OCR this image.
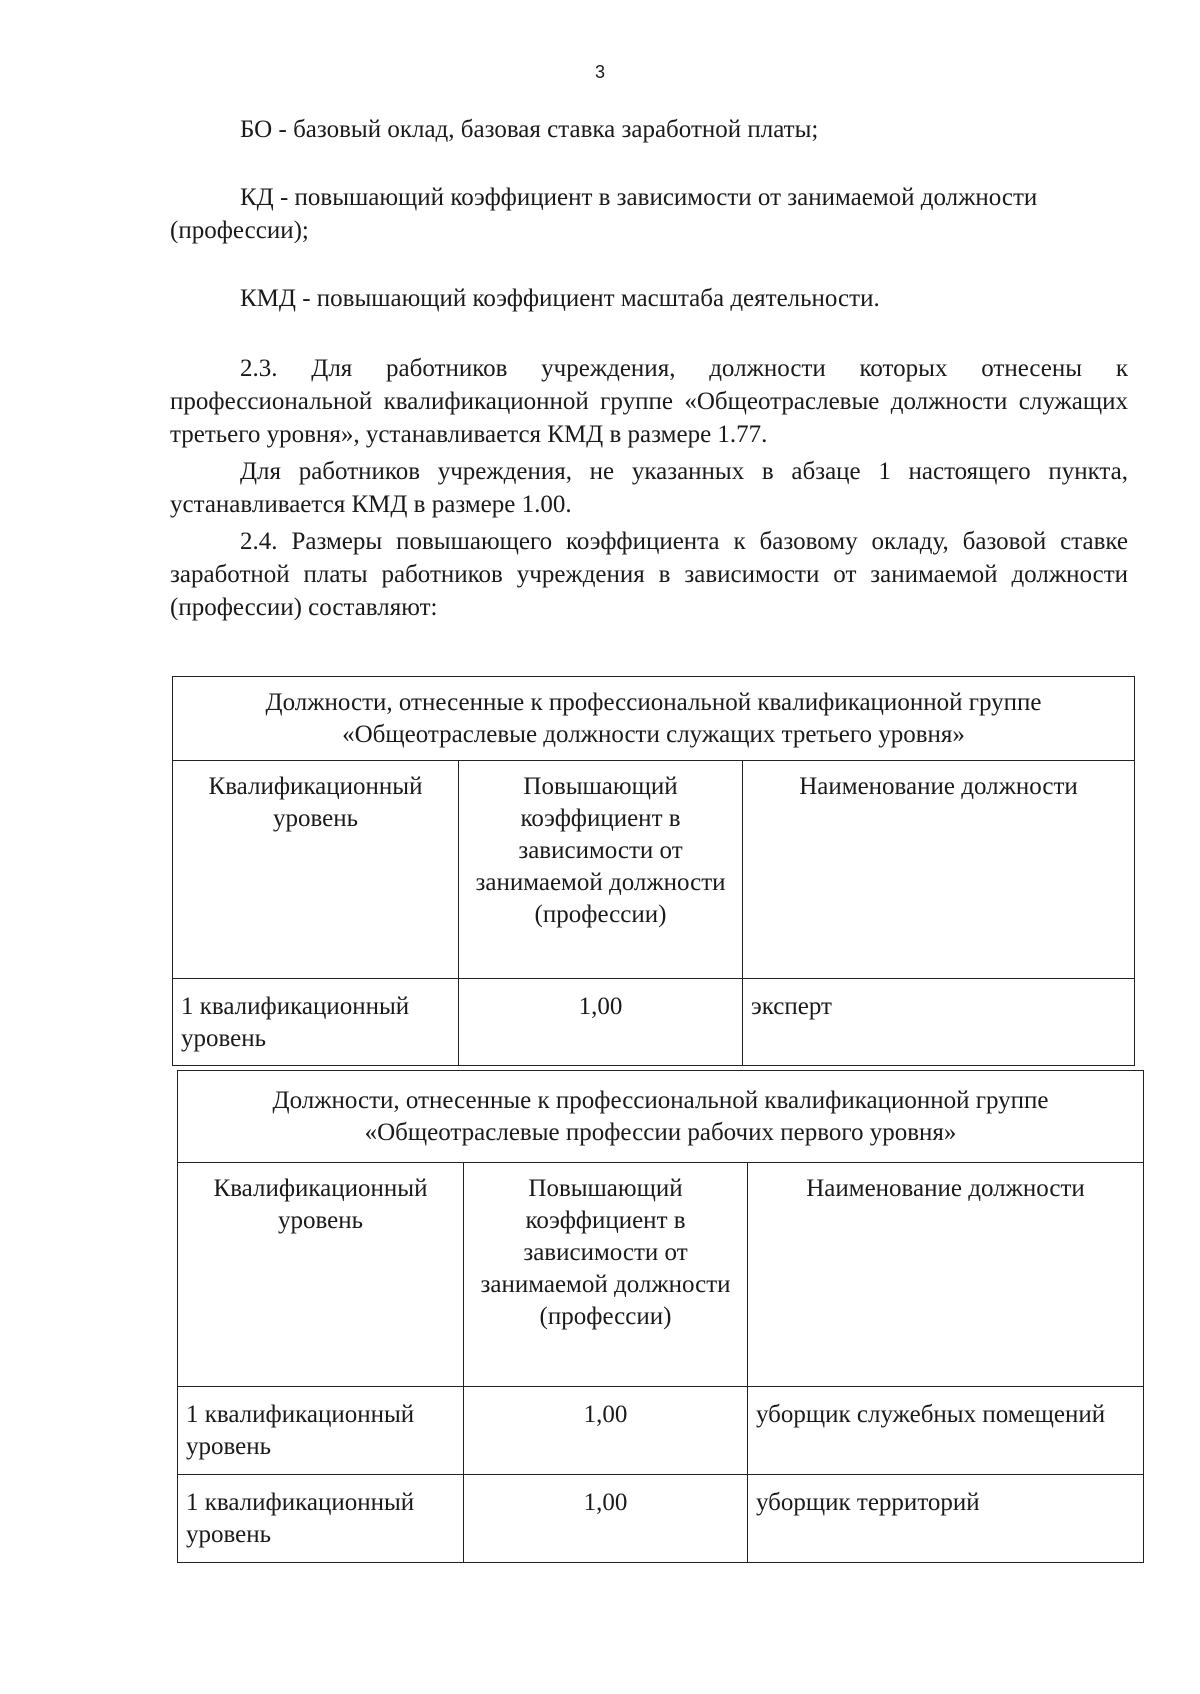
3

БО - базовый оклад, базовая ставка заработной платы;

КД - повышающий коэффициент в зависимости от занимаемой должности (профессии);

КМД - повышающий коэффициент масштаба деятельности.

2.3. Для работников учреждения, должности которых отнесены к профессиональной квалификационной группе «Общеотраслевые должности служащих третьего уровня», устанавливается КМД в размере 1.77.

Для работников учреждения, не указанных в абзаце 1 настоящего пункта, устанавливается КМД в размере 1.00.

2.4. Размеры повышающего коэффициента к базовому окладу, базовой ставке заработной платы работников учреждения в зависимости от занимаемой должности (профессии) составляют:

Должности, отнесенные к профессиональной квалификационной группе «Общеотраслевые должности служащих третьего уровня»		
Квалификационный уровень	Повышающий коэффициент в зависимости от занимаемой должности (профессии)	Наименование должности
1 квалификационный уровень	1,00	эксперт
Должности, отнесенные к профессиональной квалификационной группе «Общеотраслевые профессии рабочих первого уровня»		
Квалификационный уровень	Повышающий коэффициент в зависимости от занимаемой должности (профессии)	Наименование должности
1 квалификационный уровень	1,00	уборщик служебных помещений
1 квалификационный уровень	1,00	уборщик территорий
